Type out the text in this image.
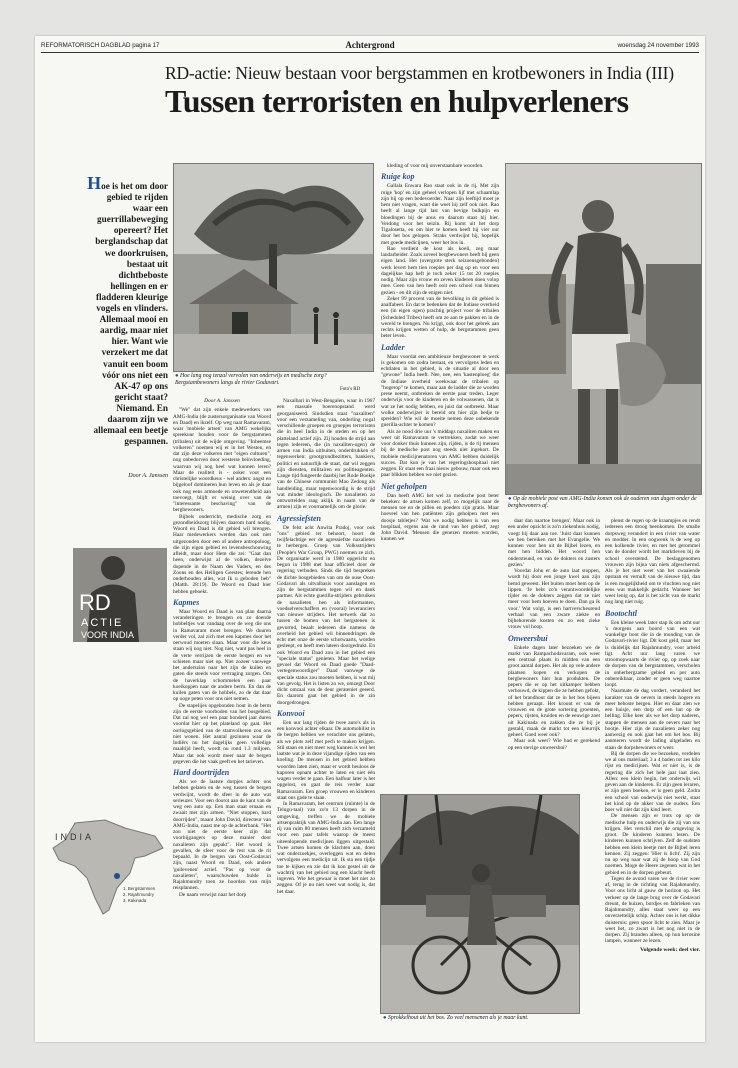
REFORMATORISCH DAGBLAD pagina 17	Achtergrond	woensdag 24 november 1993
RD-actie: Nieuw bestaan voor bergstammen en krotbewoners in India (III)
Tussen terroristen en hulpverleners
Hoe is het om door gebied te rijden waar een guerrillabeweging opereert? Het berglandschap dat we doorkruisen, bestaat uit dichtbeboste hellingen en er fladderen kleurige vogels en vlinders. Allemaal mooi en aardig, maar niet hier. Want wie verzekert me dat vanuit een boom vóór ons niet een AK-47 op ons gericht staat? Niemand. En daarom zijn we allemaal een beetje gespannen.
Door A. Janssen
● Hoe lang nog tenzal vervolen van onderwijs en medische zorg? Bergstambewoners langs de rivier Godavari.
Foto's RD
● Op de mobiele post van AMG-India komen ook de ouderen van dagen onder de bergbewoners af.
● Sprokkelhout uit het bos. Zo veel mensenen als je maar kunt.
RD
ACTIE
VOOR INDIA
INDIA
1. Bergstammen
2. Rajahmundry
3. Kakinada
Door A. Janssen

"We" dat zijn enkele medewerkers van AMG-India (de zustersorganisatie van Woord en Daad) en ikzelf. Op weg naar Ramavaram, waar 'mobiele artsen' van AMG wekelijks spreekuur houden voor de bergstammen (tribalen) uit de wijde omgeving. "Inheemse volkeren" noemen wij er in het Westen, en dat zijn deze volkeren met "eigen culturen", nog onbedorven door westerse beïnvloeding, waarvan wij nog heel wat kunnen leren? Maar de realiteit is - ooker voor een christelijke woordkeus - wel anders: angst en bijgeloof domineren hun leven en als je daar ook nog eens armoede en onwetendheid aan toevoegt, blijft er weinig over van de "interessante beschaving" van de bergbewoners.

Bijbels onderricht, medische zorg en gezondheidszorg blijven daarom hard nodig. Woord en Daad is dit gebied wil brengen. Haar medewerkers werden dan ook niet uitgezonden door een of andere antropoloog, die zijn eigen gebied en levensbeschouwing afleidt, maar door Hem die zei: "Gaat dan heen, onderwijst al de volken, dezelve dopende in de Naam des Vaders, en des Zoons en des Heiligen Geestes; lerende hen onderhouden alles, wat Ik u geboden heb" (Matth. 28:19). De Woord en Daad hier hebben geboekt.

Kapmes

Maar Woord en Daad is van plan daarna veranderingen te brengen en zo doende hobbeltjes wat vandaag over de weg die ons in Ramavaram moet brengen. We duuren verder vol, zal zich met een kapmes door het oerwoud moeten slaan. Maar voor die keus staan wij nog niet. Nog niet, want pas heel in de verte verrijzen de eerste bergen en we schieten maar niet op. Niet zozeer vanwege het anderszins naar het zijn de kuilen en gaten die steeds voor vertraging zorgen. Om de haverklap schommelen een paar koeikoppen naar de andere berm. En dan de kuilen gaten van de hobbels, zo de dat daar op ooge peten voor ons niet nemen.

De stapelijes opgebonden hout in de berm zijn de eerste voorboden van het bosgebied. Dat zal nog wel een paar honderd jaar duren voordat hier op het plateland op gaat. Het oorlogsgebied van de stamvolkeren zou ons niet wonen. Het aantal gezinnen waar de Indiërs nu het dagelijks geen volledige maaltijd heeft, wordt nu rond 1.3 miljoen. Maar dat ook wordt meer naar de bergen gegeven die het vaak geeft en het tarieven.

Hard doortrijden

Als we de laatste dorpjes achter ons hebben gelaten en de weg tussen de bergen verdwijnt, wordt de sfeer in de auto wat serieuzer. Voor een doorot aan de kant van de weg een auto op. Een man staat ernaan en zwaait met zijn armen. "Niet stoppen, hard doorrijden", maant John David, directeur van AMG-India, naast me op de achterbank. "Het zou niet de eerste keer zijn dat voorbijgangers op deze manier door naxalieten zijn gepakt". Het woord is gevallen, de sfeer voor de rest van de rit bepaald. In de bergen van Oost-Godavari zijn, naast Woord en Daad, ook andere 'guilevenen' actief. "Pas op voor de naxalieten", waarschuwden hulde in Rajahmundry toen ze hoorden van mijn reisplannen.

De naam verwijst naar het dorp

Naxalbari in West-Bengalen, waar in 1967 een massale boerenopstand werd georganiseerd. Sindsdien staat "naxaliten" voor een verzameling van, onderling nogal verschillende groepen en groepjes terroristen die in heel India in de steden en op het platteland actief zijn. Zij houden de strijd aan tegen iedereen, die (in naxaliten-ogen) de armen van India uitbuiten, onderdrukken of tegenwerken: grootgrondbezitters, bankiers, politici en natuurlijk de staat, dat wil zeggen zijn diensten, militairen en politieagenten. Lange tijd fungeerde daarbij het Rode Boekje van de Chinese communist Mao Zedong als handleiding, maar tegenwoordig is de strijd wat minder ideologisch. De naxalieten zo ontwortelden raag aklijk in naam van de armen) zijn er voornamelijk om de glorie.

Agressiefsten

De felst acht Anwita Pradoj, voor ook "ons" gebied ter behoort, hoort de twijfelachtige eer de agressiefste naxalieten te herbergen. Groep van Volksstrijders (People's War Group, PWG) noemen ze zich. De organisatie werd in 1980 opgericht en begon in 1988 met haar officieel door de regering verboden. Sinds die tijd bespreken de dichte bosgebieden van om de ouse Oost-Godavari als uitvalbasis voor aanslagen en zijn de bergstammen tegen wil en dank partner. Als echte guerilla-strijders gebruiken de naxalieten hen als informanten, voedselverschaffers en (vooral) leveranciers van nieuwe strijders. Het netwerk dat zo tussen de bomen van het bergstenen is gevormd, beaalt iedereen die namens de overheid het gebied wil binnendringen de echt met onze de eerste schotwaarts, worden gesleept, en heeft men lateen doorgedrukt. En ook Woord en Daad zou in het gebied een "speciale status" genieten. Maar het welige gevoel dat Woord en Daad goede "Daad-vertegenwoordiger" Daad vanwege de speciale status zou moeten hebben, is wat mij van gevolg. Het is listen zo we, omzegt Door dicht omzaal van de deur gerateniet geeerd. En daarom gaat het gebied in de zin doorgedrongen.

Konvooi

Een uur lang rijden de twee auto's als in een konvooi achter elkaar. De automobilist in de bergen hebben we verachter ons gelaten, als we plots zelf met pech te maken krijgen. Stil staan en niet meer weg kunnen is wel het laatste wat je in deze vijandige rijden van een koeling. De mensen in het gebied hebben woorden laten zien, maar er wordt heuloos de kaporen opnam achter te laten en niet één wagen verder te gaan. Een halfuur later is het opgelost, en gaat de reis verder naar Ramavaram. Een groep vrouwen en kinderen staat ons gade te slaan.

In Ramavaram, het centrum (ruimte) in de Telugu-taal) van zo'n 13 dorpen in de omgeving, treffen we de mobiele artsenpraktijk van AMG-India aan. Een lange rij van ruim 80 mensen heeft zich verzameld voor een paar tafels waarop de meest uiteenlopende medicijnen liggen uitgestald. Twee artsen komen de klachten aan, doen wat onderzoekjes, overleggen wat en delen vervolgens een medicijn uit. Ik sta een tijdje toe te kijken en zie dat ik kon gestel uit de wachtrij van het gebied nog een klacht heeft ingeven. Wie het gewaar is moet het niet zo zeggen. Of je nu niet weet wat nodig is, dat het daar.

kleding of voor mij onverstaanbare woorden.

Ruige kop

Gallala Enwara Rao staat ook in de rij. Met zijn ruige 'kop' en zijn geheel verlopen lijf met schaamlap zijn bij op een bedevoerder. Naar zijn leeftijd moet je hem niet vragen, want die weet hij zelf ook niet. Rao heeft al lange tijd last van hevige bulkpijn en bloedingen bij de anus en daarom staat hij hier. Verdong voor het seizin. Rij komt uit het dorp Tigalosetta, en om hier te komen heeft hij vier uur door het bos gelopen. Straks verdwijnt hij, hopelijk met goede medicijnen, weer het bos in.

Rao verdient de kost als koeli, zeg maar landarbeider. Zoals zoveel bergbewoners heeft hij geen eigen land. Het (overgrote sterk seizoensgebonden) werk levert hem tien roepies per dag op en voor een dagelijkse hap heft je toch zeker 15 tot 20 roepies nodig. Maar zijn vrouw en zeven kinderen doen volop mee. Geen van hen heeft ooit een school van binnen gezien - en dit zijn de enigen niet.

Zeker 99 procent van de bevolking in dit gebied is analfabeet. En dat te bedenken dat de Indiase overheid een (in eigen ogen) prachtig project voor de tribalen (Scheduled Tribes) heeft om ze aan te pakken en in de wereld te brengen. Nu krijgt, ook door het gebrek aan rechts krijgen wetten of hulp, de bergstammen geen beter leven.

Ladder

Maar voordat een ambitieuze bergbewoner te werk is gekomen om zodra bestaat, en vervolgens leden en echtlaten in het gebied, is de situatie al door een "gewone" India heeft. Nee, nee, een 'kastenploeg' die de Indiase overheid weekwaar de tribalen op "hogerop" te komen, maar aan de ladder die ze worden prese neemt, ontbreken de eerste paar treden. Leger onderwijs voor de kinderen en de volwassenen, dat is wat ze het nodig hebben, en juist dat ontbreekt. Maar wolke onderwijzer is bereid om hier zijn bedje te spreiden? Wie wil de moeite nemen deze onbekende guerilla-achter te komen?

Als ze nood drie uur 's middags naxaliten maken en weer uit Ramavaram te vertrekken, zodat we weer voor donker thuis kunnen zijn, rijden, is de rij mensen bij de medische post nog steeds niet ingekort. De mobiele medicijnenatoren van AMG hebben duidelijk succes. Dat kun je van het regeringshospitaal niet zeggen. Er staat een fraai nieuw gebouw, maar ook een paar blikken hebben we niet gezien.

Niet geholpen

Dan heeft AMG het wel zo medische post beter bekeken: de artsen komen zelf, zo mogelijk naar de mensen toe en de pillen en poeders zijn gratis. Maar hoeveel van hen patiënten zijn geholpen met een doosje tabletjes? 'Wat we nodig hebben is van een hospitaal, ergens aan de rand van het gebied', zegt John David. 'Mensen die genezen moeten worden, kunnen we

daar dan naartoe brengen'. Maar ook in een ander opzicht is zo'n ziekenhuis nodig, voegt hij daar aan toe. 'Juist daar kunnen we hen bereiken met het Evangelie. We kunnen voor hen uit de Bijbel lezen, en met hen bidden. Het woord hen ondersteund, en van de dokters en zusters gezien.'

Voordat John er de auto laat stoppen, wordt hij door een jonge kwel aan zijn hemd geweest. Het buiten moet hem op de lippen. 'Je hebt zo'n verantwoordelijke rijder en de dokters zeggen dat ze niet meer voor hem hoeven te doen. Dan ga ik voor.' Wat volgt, is een hartverscheurend verhaal van een zware ziekte en bijbehorende kosten en zo een zieke vrouw vol hoop.

Onweersbui

Enkele dagen later bezoeken we de markt van Rampachodavaram, ook weer een centraal plaats in midden van een groot aantal dorpen. Het als op vele andere plaatsen kopen en verkopen de bergbewoners hier hun produkten. De pepers die er op het uitkamper hebben verhouwd, de kippen die ze hebben gefokt, of het brandhout dat ze in het bos bijeen hebben geraapt. Het kroont er van de vrouwen en de grote sortering groenten, pepers, rijsten, kruiden en de eeuwige zoet uit Kakinada en zakken die ze bij je gestald, maak de markt tot een kleurrijk geheel. Goed weer ook?

Maar ook weer? Wie had er gerekend op een stevige onweersbui?

plenst de regen op de kraampjes en rendt iedereen een droog heenkomen. De smalle dorpsweg verandert in een rivier van water en modder. In een oogwenk is de weg op een kolkende rivier, en met het gerommel van de donder wordt het marktleven bij de school overstemd. De beslaggenomen vrouwen zijn bijna van niets afgeschermd. Als je het niet weet van het zwaaiende opstaan en vernuft van de nieuwe tijd, dan is een mogelijkheid om te vluchten nog niet eens wat makkelijk gedacht. Wanneer het weer lenig op, dat is het zicht van de markt nog lang niet ruig.

Bootochtl

Een kleine week later stap ik om acht uur 's morgens aan boord van een wat wankelige boot die in de monding van de Godavari-rivier ligt. Dit kost geld, maar het is duidelijk dat Rajahmundry, voor arbeid ligt. Acht uur lang varen we stroomopwaarts de rivier op, op zoek naar de dorpen van de bergstammen, verscholen in onherbergzame gebied en per auto onbereikbaar, zonder er geen weg naartoe loopt.

Naarmate de dag vordert, veranderd het karakter van de oevers in steeds hogere en meer beboste bergen. Hier en daar zien we een huisje, een dorp of een hut op de helling. Elke keer als we het dorp naderen, stappen de mensen aan de oevers naar het bootje. Hier zijn de naxalieten zeker nog aanwezig en ook gaat het om het bos. Bij aanmeren wordt de lading uitgeladen en staan de dorpsbewoners er weer.

Bij de dorpen die we bezoeken, verdelen we al ons materiaal; 3 a 4 baden tot zes kilo rijst en medicijnen. Wat er niet is, is de regering die zich het hele jaar laat zien. Allen: een klein begin, het onderwijs wil geven aan de kinderen. Er zijn geen leraren, er zijn geen boeken, er is geen geld. Zodra een school van onderwijs niet werkt, staat het kind op de akker van de ouders. Een boer wil niet dat zijn kind leert.

De mensen zijn er trots op op de medische hulp en onderwijs die zij van ons krijgen. Het verschil met de omgeving is groot. De kinderen kunnen lezen. De kinderen kunnen schrijven. Zelf de oudsten hebben een klein beetje met de Bijbel leren kennen. Zij zeggen: 'Hier is licht'. Zij zijn nu op weg naar wat zij de hoop van God noemen. Moge de Heere zegenen wat in het gebied en in de dorpen gebeurt.

Tegen de avond varen we de rivier weer af, terug in de richting van Rajahmundry. Voor ons licht al gauw de horizon op. Het verkeer op de lange brug over de Godavari dreunt, de huizen, bordjes en fabrieken van Rajahmundry, alles staat weer op een onverzettelijk schip. Achter ons is het dikke duisternis: geen spoor licht te zien. Maar je weet het, zo zwart is het nog niet in de dorpen. Zij branden alleen, op hun kerosine lampen, wanneer ze lezen.

Volgende week: deel vier.
